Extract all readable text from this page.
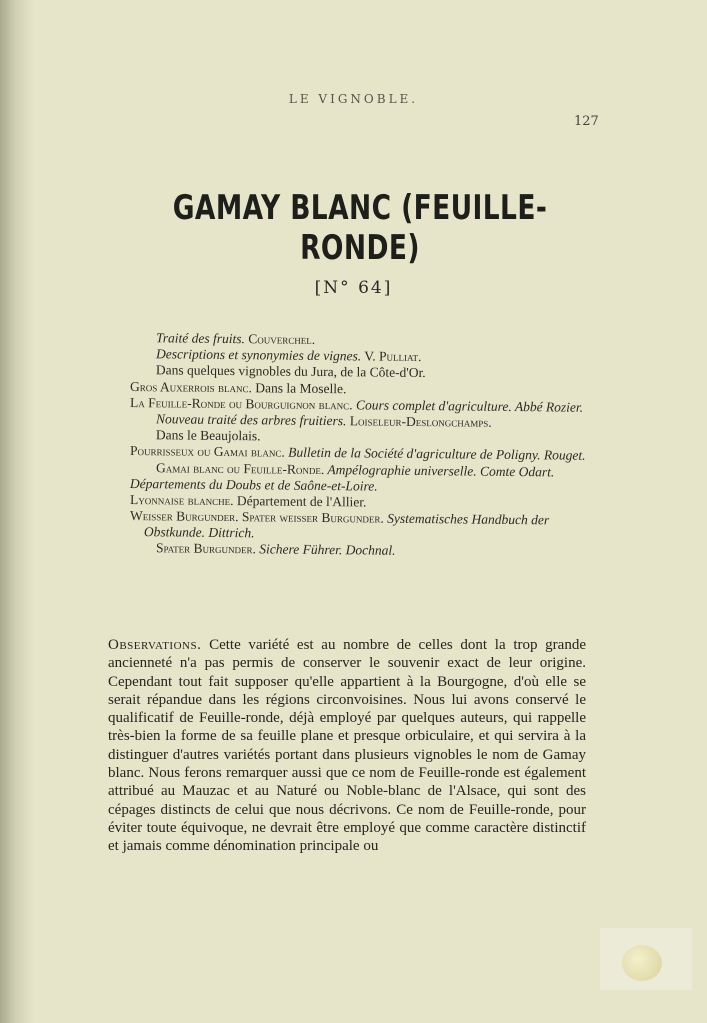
LE VIGNOBLE.
127
GAMAY BLANC (FEUILLE-RONDE)
[N° 64]
Traité des fruits. Couverchel.
Descriptions et synonymies de vignes. V. Pulliat.
Dans quelques vignobles du Jura, de la Côte-d'Or.
Gros Auxerrois blanc. Dans la Moselle.
La Feuille-Ronde ou Bourguignon blanc. Cours complet d'agriculture. Abbé Rozier.
Nouveau traité des arbres fruitiers. Loiseleur-Deslongchamps.
Dans le Beaujolais.
Pourrisseux ou Gamai blanc. Bulletin de la Société d'agriculture de Poligny. Rouget.
Gamai blanc ou Feuille-Ronde. Ampélographie universelle. Comte Odart. Départements du Doubs et de Saône-et-Loire.
Lyonnaise blanche. Département de l'Allier.
Weisser Burgunder. Spater weisser Burgunder. Systematisches Handbuch der Obstkunde. Dittrich.
Spater Burgunder. Sichere Führer. Dochnal.
Observations. Cette variété est au nombre de celles dont la trop grande ancienneté n'a pas permis de conserver le souvenir exact de leur origine. Cependant tout fait supposer qu'elle appartient à la Bourgogne, d'où elle se serait répandue dans les régions circonvoisines. Nous lui avons conservé le qualificatif de Feuille-ronde, déjà employé par quelques auteurs, qui rappelle très-bien la forme de sa feuille plane et presque orbiculaire, et qui servira à la distinguer d'autres variétés portant dans plusieurs vignobles le nom de Gamay blanc. Nous ferons remarquer aussi que ce nom de Feuille-ronde est également attribué au Mauzac et au Naturé ou Noble-blanc de l'Alsace, qui sont des cépages distincts de celui que nous décrivons. Ce nom de Feuille-ronde, pour éviter toute équivoque, ne devrait être employé que comme caractère distinctif et jamais comme dénomination principale ou
